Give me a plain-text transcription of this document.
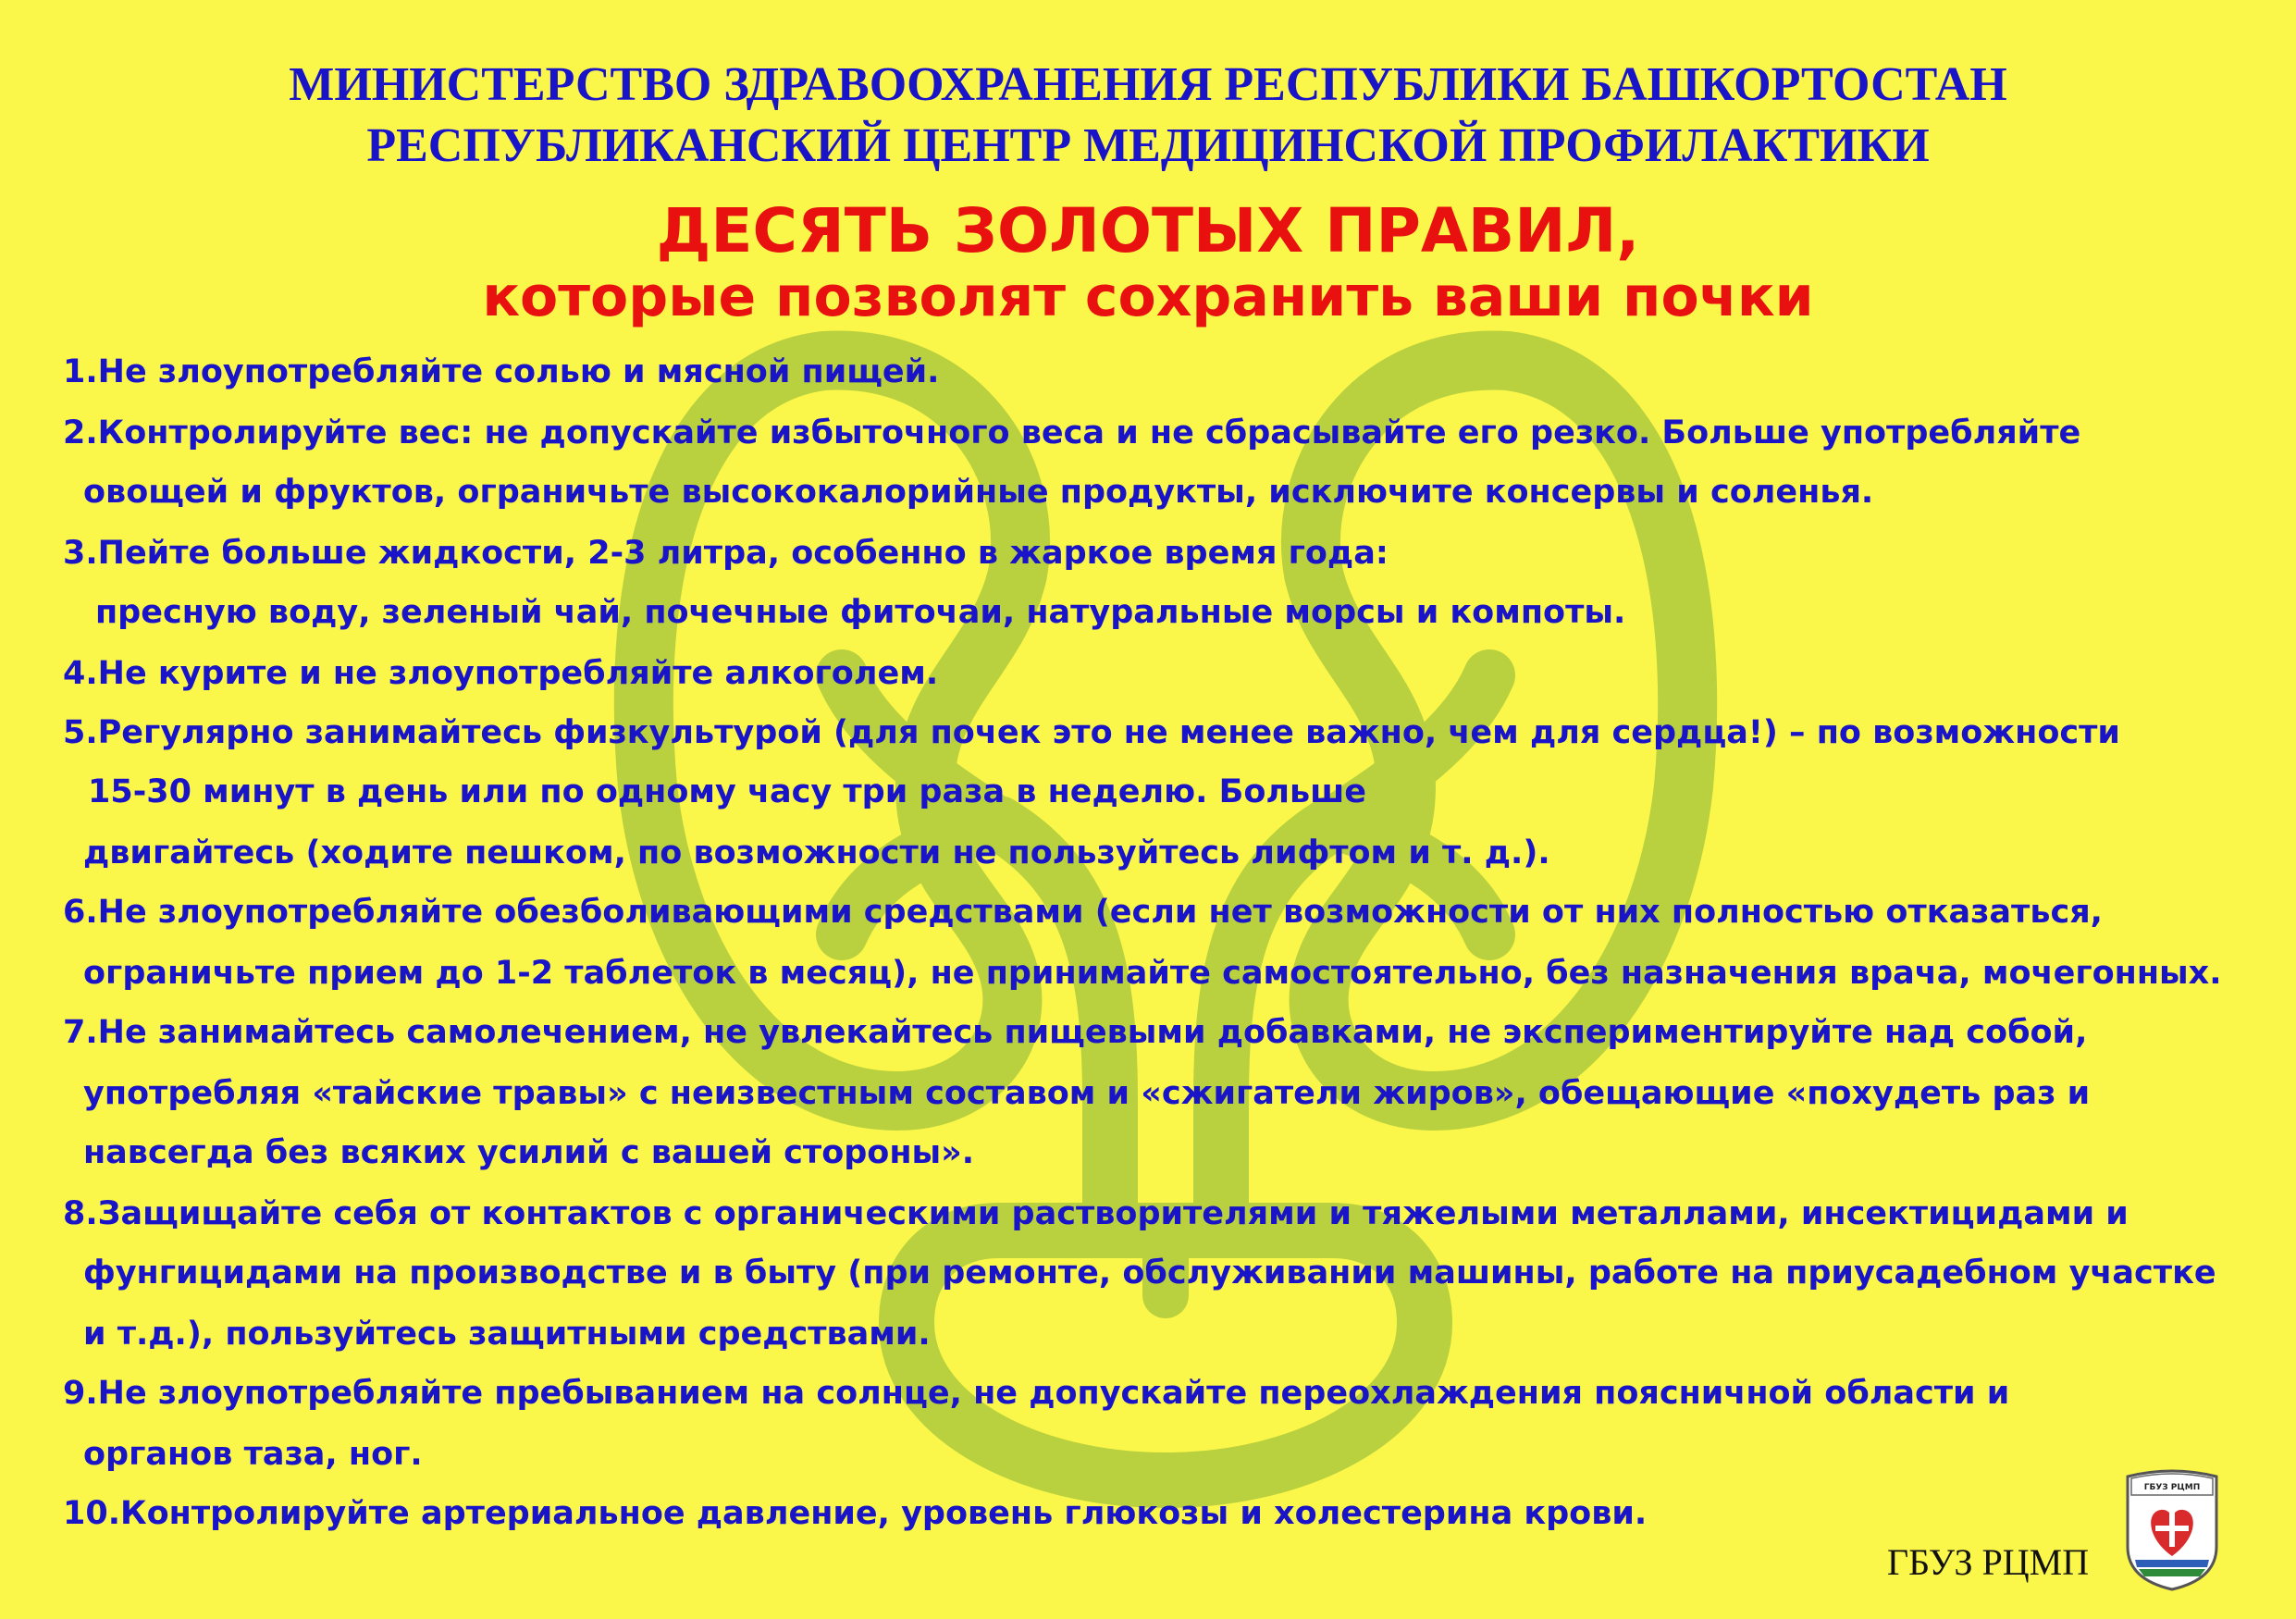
МИНИСТЕРСТВО ЗДРАВООХРАНЕНИЯ РЕСПУБЛИКИ БАШКОРТОСТАН
РЕСПУБЛИКАНСКИЙ ЦЕНТР МЕДИЦИНСКОЙ ПРОФИЛАКТИКИ
ДЕСЯТЬ ЗОЛОТЫХ ПРАВИЛ,
которые позволят сохранить ваши почки
1.Не злоупотребляйте солью и мясной пищей.
2.Контролируйте вес: не допускайте избыточного веса и не сбрасывайте его резко. Больше употребляйте
овощей и фруктов, ограничьте высококалорийные продукты, исключите консервы и соленья.
3.Пейте больше жидкости, 2-3 литра, особенно в жаркое время года:
пресную воду, зеленый чай, почечные фиточаи, натуральные морсы и компоты.
4.Не курите и не злоупотребляйте алкоголем.
5.Регулярно занимайтесь физкультурой (для почек это не менее важно, чем для сердца!) – по возможности
15-30 минут в день или по одному часу три раза в неделю. Больше
двигайтесь (ходите пешком, по возможности не пользуйтесь лифтом и т. д.).
6.Не злоупотребляйте обезболивающими средствами (если нет возможности от них полностью отказаться,
ограничьте прием до 1-2 таблеток в месяц), не принимайте самостоятельно, без назначения врача, мочегонных.
7.Не занимайтесь самолечением, не увлекайтесь пищевыми добавками, не экспериментируйте над собой,
употребляя «тайские травы» с неизвестным составом и «сжигатели жиров», обещающие «похудеть раз и
навсегда без всяких усилий с вашей стороны».
8.Защищайте себя от контактов с органическими растворителями и тяжелыми металлами, инсектицидами и
фунгицидами на производстве и в быту (при ремонте, обслуживании машины, работе на приусадебном участке
и т.д.), пользуйтесь защитными средствами.
9.Не злоупотребляйте пребыванием на солнце, не допускайте переохлаждения поясничной области и
органов таза, ног.
10.Контролируйте артериальное давление, уровень глюкозы и холестерина крови.
ГБУЗ РЦМП
ГБУЗ РЦМП
